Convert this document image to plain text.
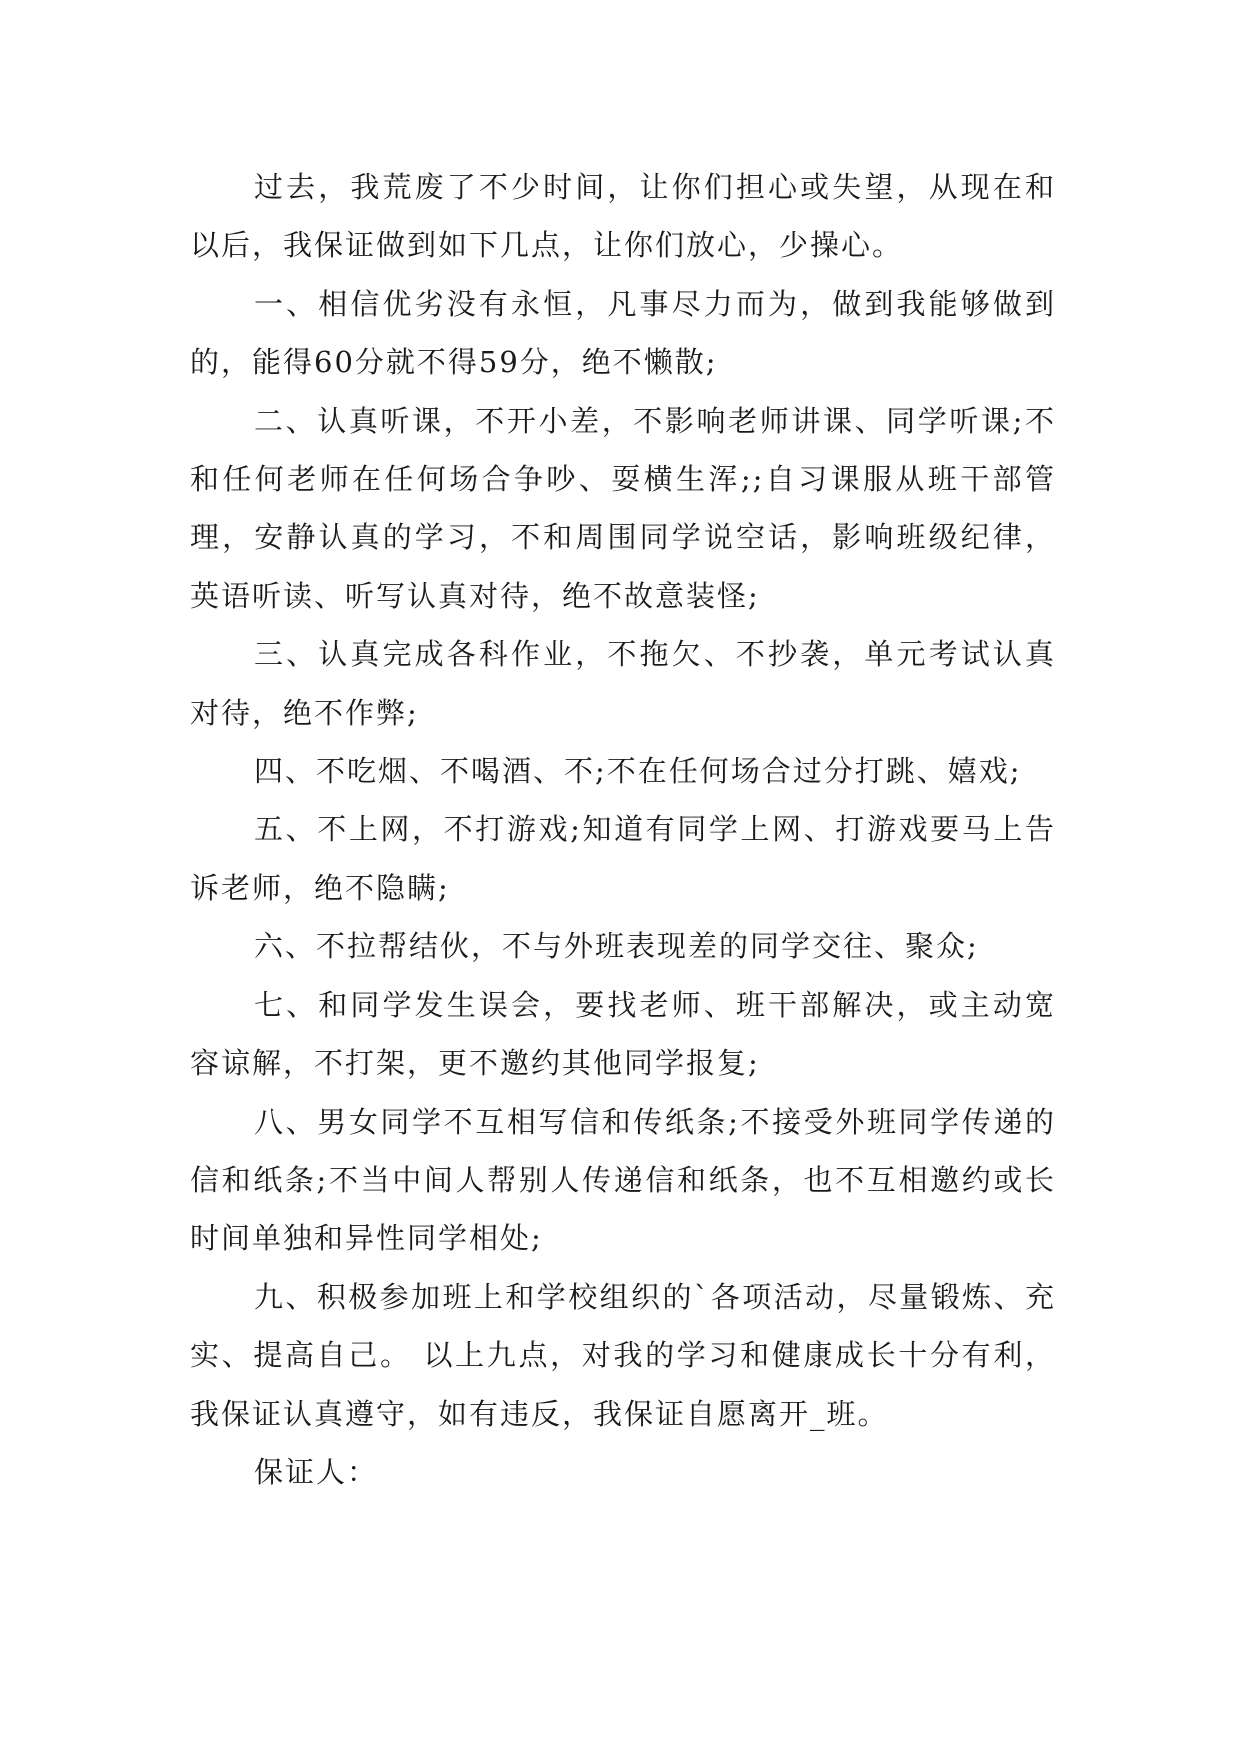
过去，我荒废了不少时间，让你们担心或失望，从现在和以后，我保证做到如下几点，让你们放心，少操心。

一、相信优劣没有永恒，凡事尽力而为，做到我能够做到的，能得60分就不得59分，绝不懒散;

二、认真听课，不开小差，不影响老师讲课、同学听课;不和任何老师在任何场合争吵、耍横生浑;;自习课服从班干部管理，安静认真的学习，不和周围同学说空话，影响班级纪律，英语听读、听写认真对待，绝不故意装怪;

三、认真完成各科作业，不拖欠、不抄袭，单元考试认真对待，绝不作弊;

四、不吃烟、不喝酒、不;不在任何场合过分打跳、嬉戏;

五、不上网，不打游戏;知道有同学上网、打游戏要马上告诉老师，绝不隐瞒;

六、不拉帮结伙，不与外班表现差的同学交往、聚众;

七、和同学发生误会，要找老师、班干部解决，或主动宽容谅解，不打架，更不邀约其他同学报复;

八、男女同学不互相写信和传纸条;不接受外班同学传递的信和纸条;不当中间人帮别人传递信和纸条，也不互相邀约或长时间单独和异性同学相处;

九、积极参加班上和学校组织的`各项活动，尽量锻炼、充实、提高自己。 以上九点，对我的学习和健康成长十分有利，我保证认真遵守，如有违反，我保证自愿离开_班。

保证人：
